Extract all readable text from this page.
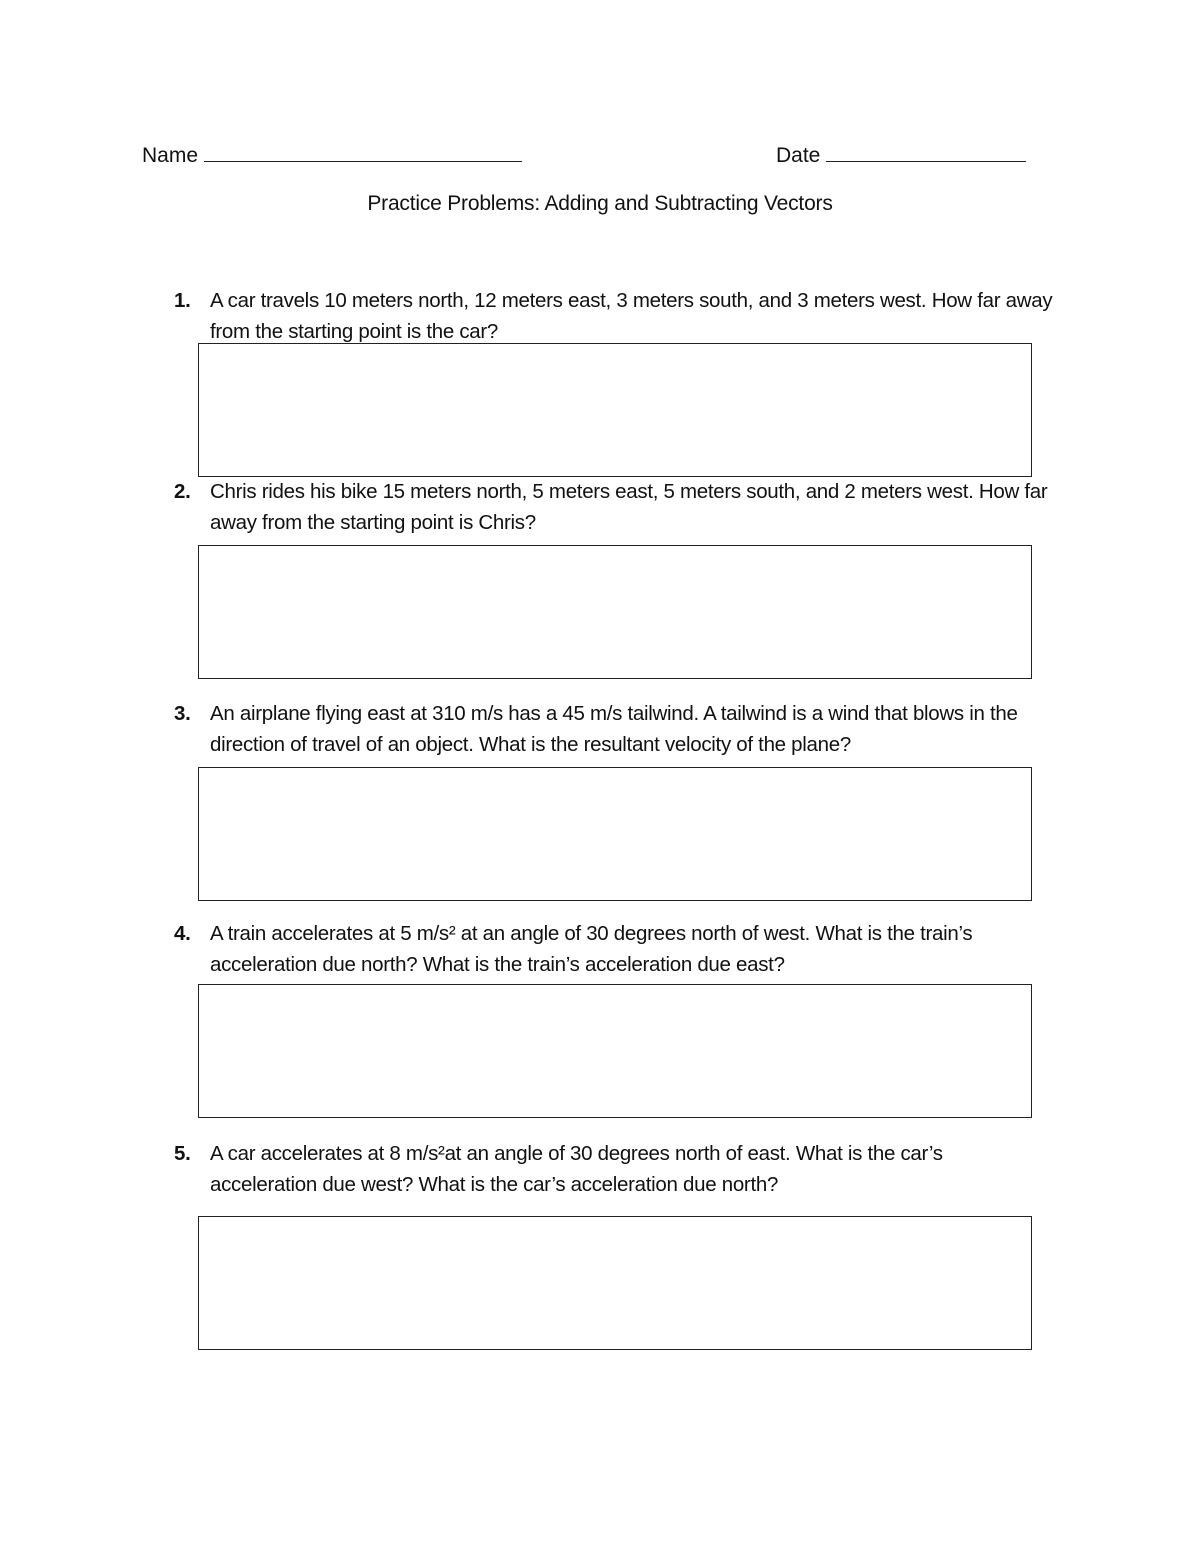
Name	Date
Practice Problems: Adding and Subtracting Vectors
1. A car travels 10 meters north, 12 meters east, 3 meters south, and 3 meters west. How far away from the starting point is the car?
2. Chris rides his bike 15 meters north, 5 meters east, 5 meters south, and 2 meters west. How far away from the starting point is Chris?
3. An airplane flying east at 310 m/s has a 45 m/s tailwind. A tailwind is a wind that blows in the direction of travel of an object. What is the resultant velocity of the plane?
4. A train accelerates at 5 m/s² at an angle of 30 degrees north of west. What is the train’s acceleration due north? What is the train’s acceleration due east?
5. A car accelerates at 8 m/s²at an angle of 30 degrees north of east. What is the car’s acceleration due west? What is the car’s acceleration due north?
